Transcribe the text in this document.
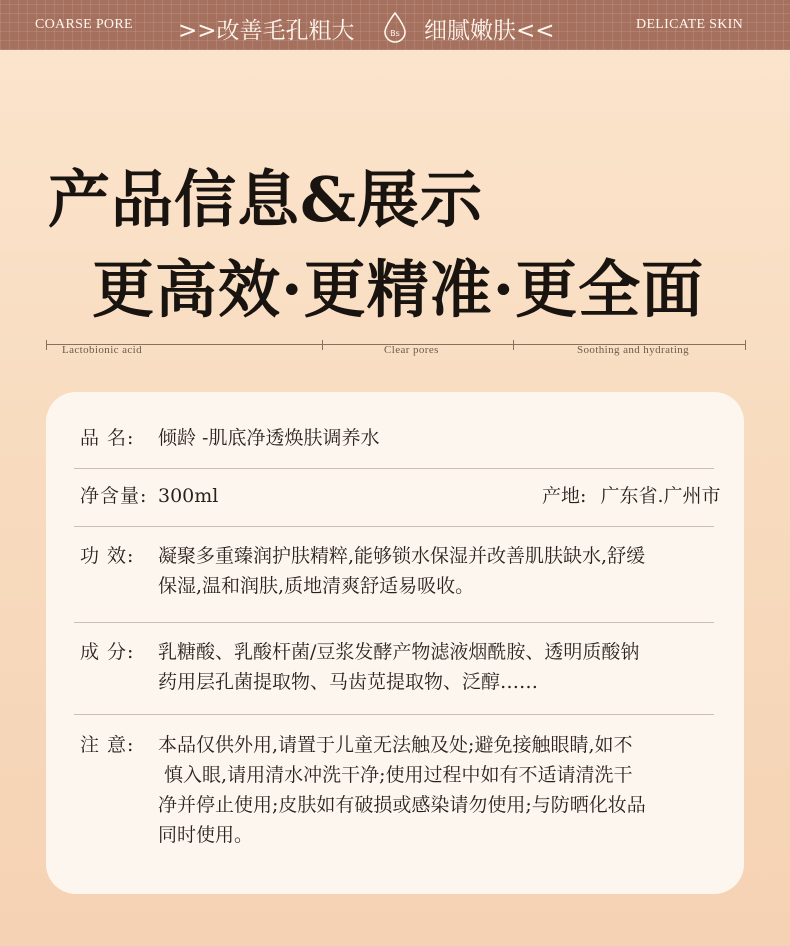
COARSE PORE >>改善毛孔粗大	Bs 细腻嫩肤<<	DELICATE SKIN
产品信息&展示
更高效·更精准·更全面
Lactobionic acid	Clear pores	Soothing and hydrating
品 名: 倾龄 -肌底净透焕肤调养水
净含量: 300ml	产地: 广东省.广州市
功 效: 凝聚多重臻润护肤精粹,能够锁水保湿并改善肌肤缺水,舒缓
保湿,温和润肤,质地清爽舒适易吸收。
成 分: 乳糖酸、乳酸杆菌/豆浆发酵产物滤液烟酰胺、透明质酸钠
药用层孔菌提取物、马齿苋提取物、泛醇……
注 意: 本品仅供外用,请置于儿童无法触及处;避免接触眼睛,如不
慎入眼,请用清水冲洗干净;使用过程中如有不适请清洗干
净并停止使用;皮肤如有破损或感染请勿使用;与防晒化妆品
同时使用。
